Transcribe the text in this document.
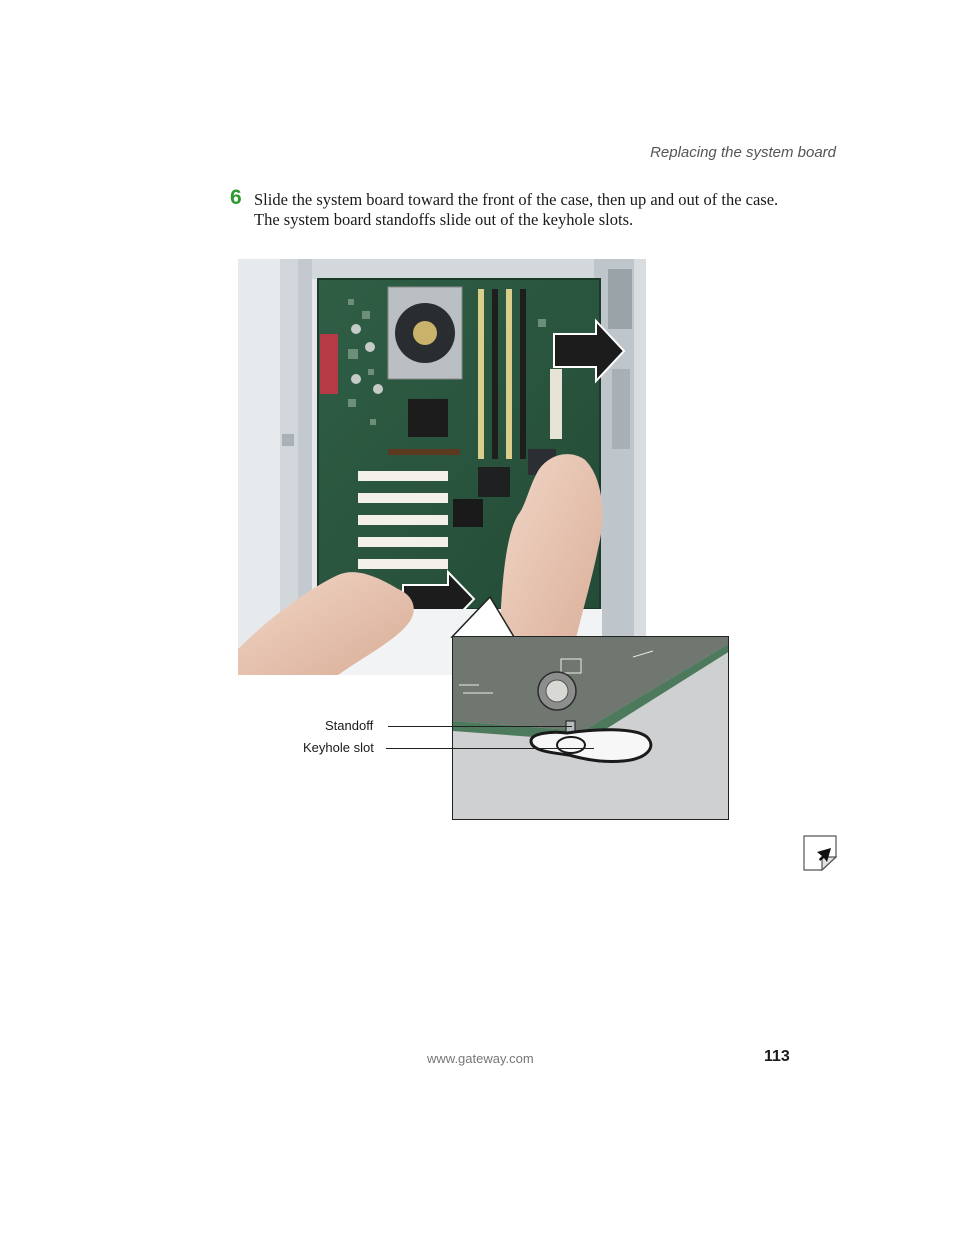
Replacing the system board
6 Slide the system board toward the front of the case, then up and out of the case. The system board standoffs slide out of the keyhole slots.
Standoff
Keyhole slot
www.gateway.com	113
